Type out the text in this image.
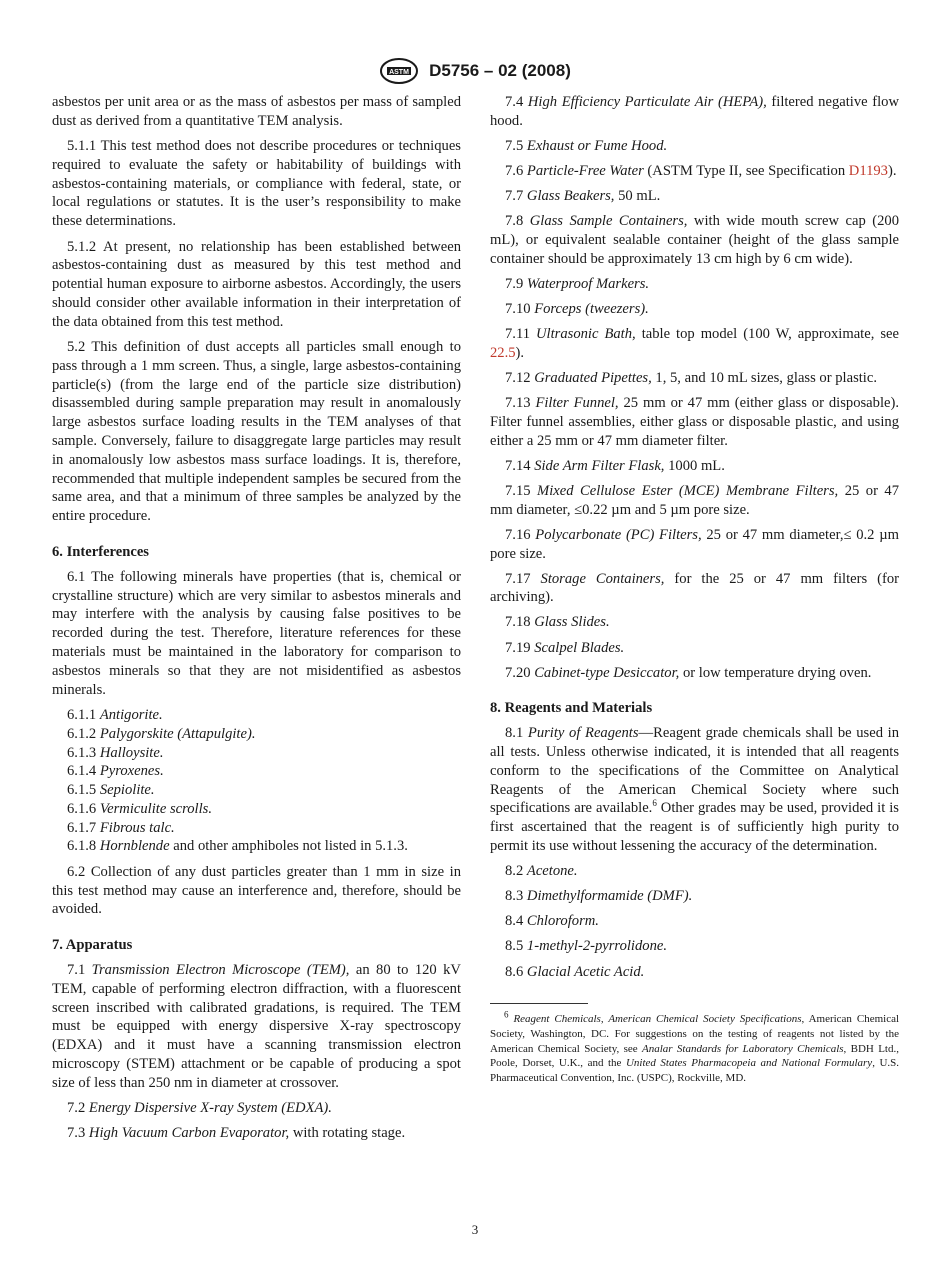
ASTM D5756 – 02 (2008)

asbestos per unit area or as the mass of asbestos per mass of sampled dust as derived from a quantitative TEM analysis.

5.1.1 This test method does not describe procedures or techniques required to evaluate the safety or habitability of buildings with asbestos-containing materials, or compliance with federal, state, or local regulations or statutes. It is the user’s responsibility to make these determinations.

5.1.2 At present, no relationship has been established between asbestos-containing dust as measured by this test method and potential human exposure to airborne asbestos. Accordingly, the users should consider other available information in their interpretation of the data obtained from this test method.

5.2 This definition of dust accepts all particles small enough to pass through a 1 mm screen. Thus, a single, large asbestos-containing particle(s) (from the large end of the particle size distribution) disassembled during sample preparation may result in anomalously large asbestos surface loading results in the TEM analyses of that sample. Conversely, failure to disaggregate large particles may result in anomalously low asbestos mass surface loadings. It is, therefore, recommended that multiple independent samples be secured from the same area, and that a minimum of three samples be analyzed by the entire procedure.

6. Interferences

6.1 The following minerals have properties (that is, chemical or crystalline structure) which are very similar to asbestos minerals and may interfere with the analysis by causing false positives to be recorded during the test. Therefore, literature references for these materials must be maintained in the laboratory for comparison to asbestos minerals so that they are not misidentified as asbestos minerals.

6.1.1 Antigorite.

6.1.2 Palygorskite (Attapulgite).

6.1.3 Halloysite.

6.1.4 Pyroxenes.

6.1.5 Sepiolite.

6.1.6 Vermiculite scrolls.

6.1.7 Fibrous talc.

6.1.8 Hornblende and other amphiboles not listed in 5.1.3.

6.2 Collection of any dust particles greater than 1 mm in size in this test method may cause an interference and, therefore, should be avoided.

7. Apparatus

7.1 Transmission Electron Microscope (TEM), an 80 to 120 kV TEM, capable of performing electron diffraction, with a fluorescent screen inscribed with calibrated gradations, is required. The TEM must be equipped with energy dispersive X-ray spectroscopy (EDXA) and it must have a scanning transmission electron microscopy (STEM) attachment or be capable of producing a spot size of less than 250 nm in diameter at crossover.

7.2 Energy Dispersive X-ray System (EDXA).

7.3 High Vacuum Carbon Evaporator, with rotating stage.

7.4 High Efficiency Particulate Air (HEPA), filtered negative flow hood.

7.5 Exhaust or Fume Hood.

7.6 Particle-Free Water (ASTM Type II, see Specification D1193).

7.7 Glass Beakers, 50 mL.

7.8 Glass Sample Containers, with wide mouth screw cap (200 mL), or equivalent sealable container (height of the glass sample container should be approximately 13 cm high by 6 cm wide).

7.9 Waterproof Markers.

7.10 Forceps (tweezers).

7.11 Ultrasonic Bath, table top model (100 W, approximate, see 22.5).

7.12 Graduated Pipettes, 1, 5, and 10 mL sizes, glass or plastic.

7.13 Filter Funnel, 25 mm or 47 mm (either glass or disposable). Filter funnel assemblies, either glass or disposable plastic, and using either a 25 mm or 47 mm diameter filter.

7.14 Side Arm Filter Flask, 1000 mL.

7.15 Mixed Cellulose Ester (MCE) Membrane Filters, 25 or 47 mm diameter, ≤0.22 µm and 5 µm pore size.

7.16 Polycarbonate (PC) Filters, 25 or 47 mm diameter,≤ 0.2 µm pore size.

7.17 Storage Containers, for the 25 or 47 mm filters (for archiving).

7.18 Glass Slides.

7.19 Scalpel Blades.

7.20 Cabinet-type Desiccator, or low temperature drying oven.

8. Reagents and Materials

8.1 Purity of Reagents—Reagent grade chemicals shall be used in all tests. Unless otherwise indicated, it is intended that all reagents conform to the specifications of the Committee on Analytical Reagents of the American Chemical Society where such specifications are available.$^6$ Other grades may be used, provided it is first ascertained that the reagent is of sufficiently high purity to permit its use without lessening the accuracy of the determination.

8.2 Acetone.

8.3 Dimethylformamide (DMF).

8.4 Chloroform.

8.5 1-methyl-2-pyrrolidone.

8.6 Glacial Acetic Acid.

$^6$ Reagent Chemicals, American Chemical Society Specifications, American Chemical Society, Washington, DC. For suggestions on the testing of reagents not listed by the American Chemical Society, see Analar Standards for Laboratory Chemicals, BDH Ltd., Poole, Dorset, U.K., and the United States Pharmacopeia and National Formulary, U.S. Pharmaceutical Convention, Inc. (USPC), Rockville, MD.
3
